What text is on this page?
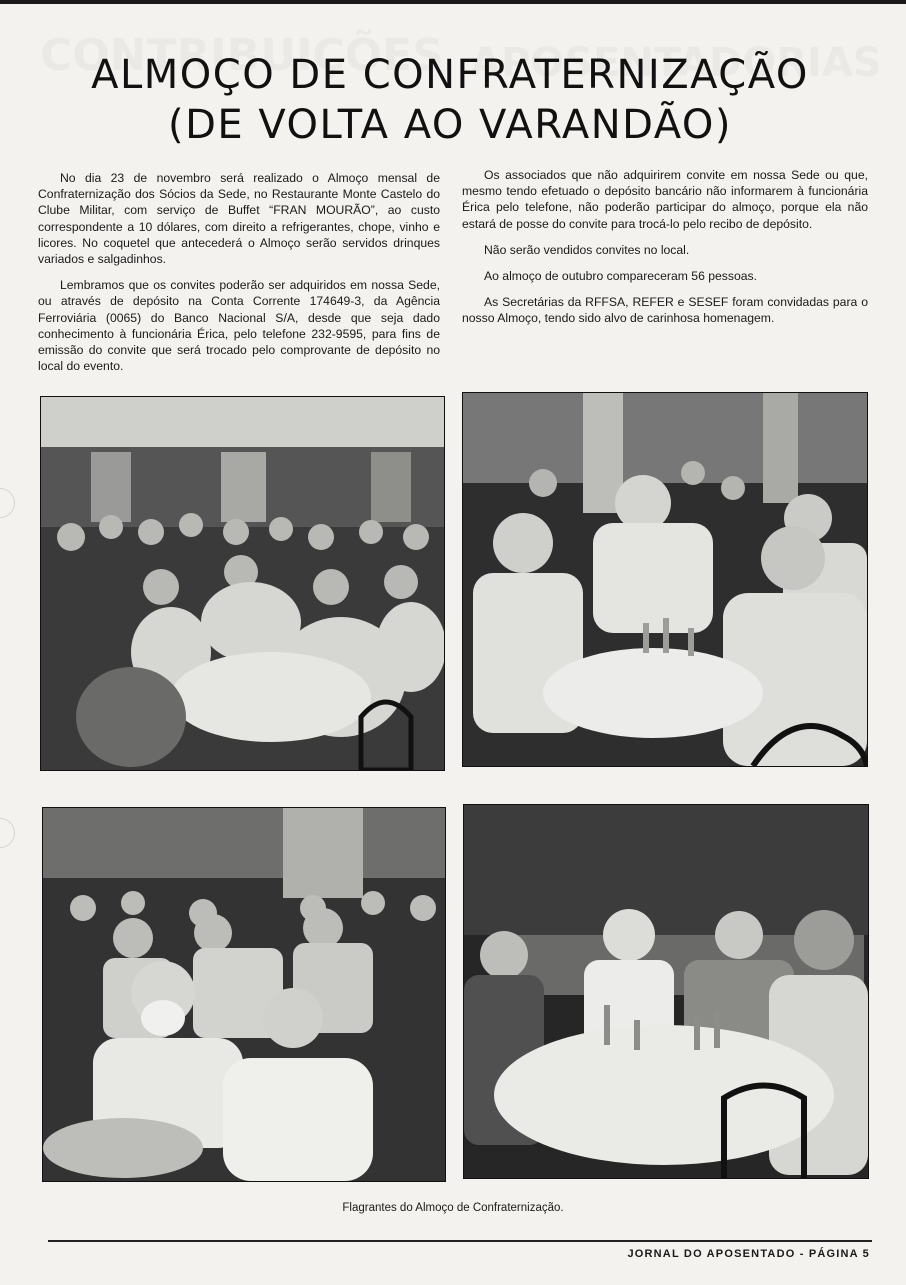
ALMOÇO DE CONFRATERNIZAÇÃO
(DE VOLTA AO VARANDÃO)

No dia 23 de novembro será realizado o Almoço mensal de Confraternização dos Sócios da Sede, no Restaurante Monte Castelo do Clube Militar, com serviço de Buffet “FRAN MOURÃO”, ao custo correspondente a 10 dólares, com direito a refrigerantes, chope, vinho e licores. No coquetel que antecederá o Almoço serão servidos drinques variados e salgadinhos.

Lembramos que os convites poderão ser adquiridos em nossa Sede, ou através de depósito na Conta Corrente 174649-3, da Agência Ferroviária (0065) do Banco Nacional S/A, desde que seja dado conhecimento à funcionária Érica, pelo telefone 232-9595, para fins de emissão do convite que será trocado pelo comprovante de depósito no local do evento.

Os associados que não adquirirem convite em nossa Sede ou que, mesmo tendo efetuado o depósito bancário não informarem à funcionária Érica pelo telefone, não poderão participar do almoço, porque ela não estará de posse do convite para trocá-lo pelo recibo de depósito.

Não serão vendidos convites no local.

Ao almoço de outubro compareceram 56 pessoas.

As Secretárias da RFFSA, REFER e SESEF foram convidadas para o nosso Almoço, tendo sido alvo de carinhosa homenagem.

Flagrantes do Almoço de Confraternização.
JORNAL DO APOSENTADO - PÁGINA 5
